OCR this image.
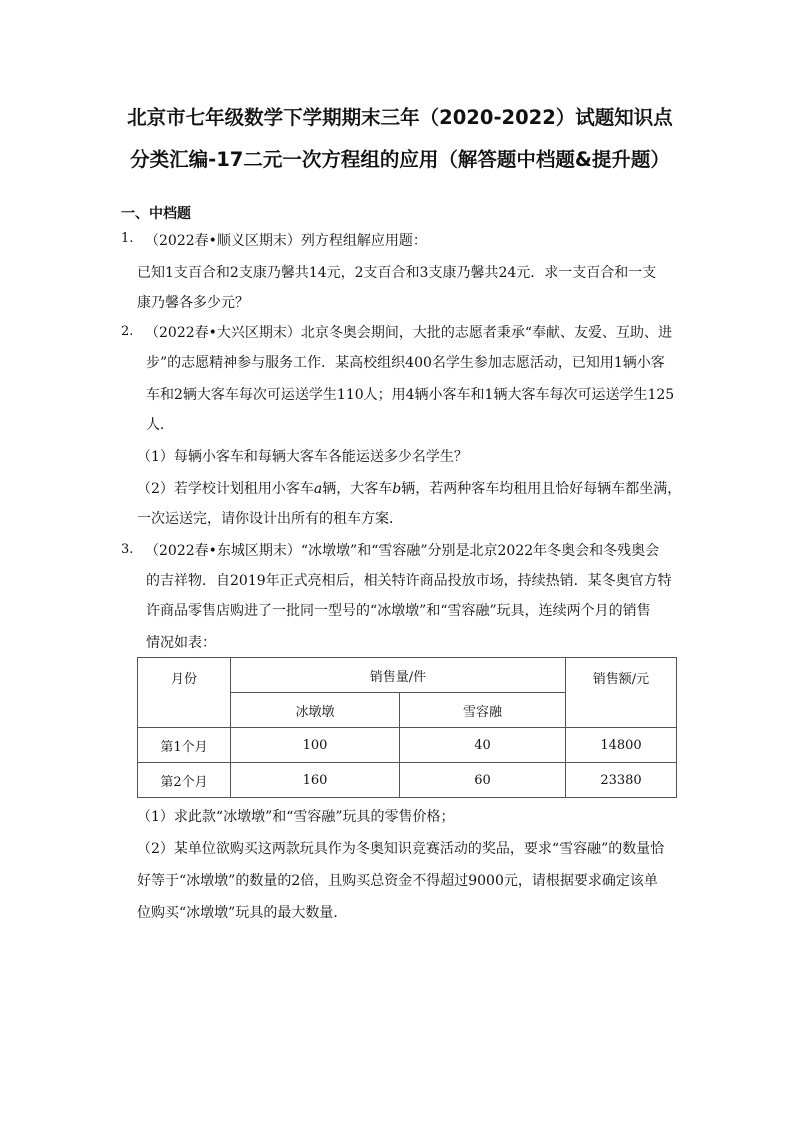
北京市七年级数学下学期期末三年（2020-2022）试题知识点
分类汇编-17二元一次方程组的应用（解答题中档题&提升题）
一、中档题
1. （2022春•顺义区期末）列方程组解应用题：
已知1支百合和2支康乃馨共14元，2支百合和3支康乃馨共24元．求一支百合和一支
康乃馨各多少元？
2. （2022春•大兴区期末）北京冬奥会期间，大批的志愿者秉承“奉献、友爱、互助、进
步”的志愿精神参与服务工作．某高校组织400名学生参加志愿活动，已知用1辆小客
车和2辆大客车每次可运送学生110人；用4辆小客车和1辆大客车每次可运送学生125
人．
（1）每辆小客车和每辆大客车各能运送多少名学生？
（2）若学校计划租用小客车a辆，大客车b辆，若两种客车均租用且恰好每辆车都坐满，
一次运送完，请你设计出所有的租车方案．
3. （2022春•东城区期末）“冰墩墩”和“雪容融”分别是北京2022年冬奥会和冬残奥会
的吉祥物．自2019年正式亮相后，相关特许商品投放市场，持续热销．某冬奥官方特
许商品零售店购进了一批同一型号的“冰墩墩”和“雪容融”玩具，连续两个月的销售
情况如表：
月份	销售量/件		销售额/元
	冰墩墩	雪容融	
第1个月	100	40	14800
第2个月	160	60	23380
（1）求此款“冰墩墩”和“雪容融”玩具的零售价格；
（2）某单位欲购买这两款玩具作为冬奥知识竞赛活动的奖品，要求“雪容融”的数量恰
好等于“冰墩墩”的数量的2倍，且购买总资金不得超过9000元，请根据要求确定该单
位购买“冰墩墩”玩具的最大数量．
